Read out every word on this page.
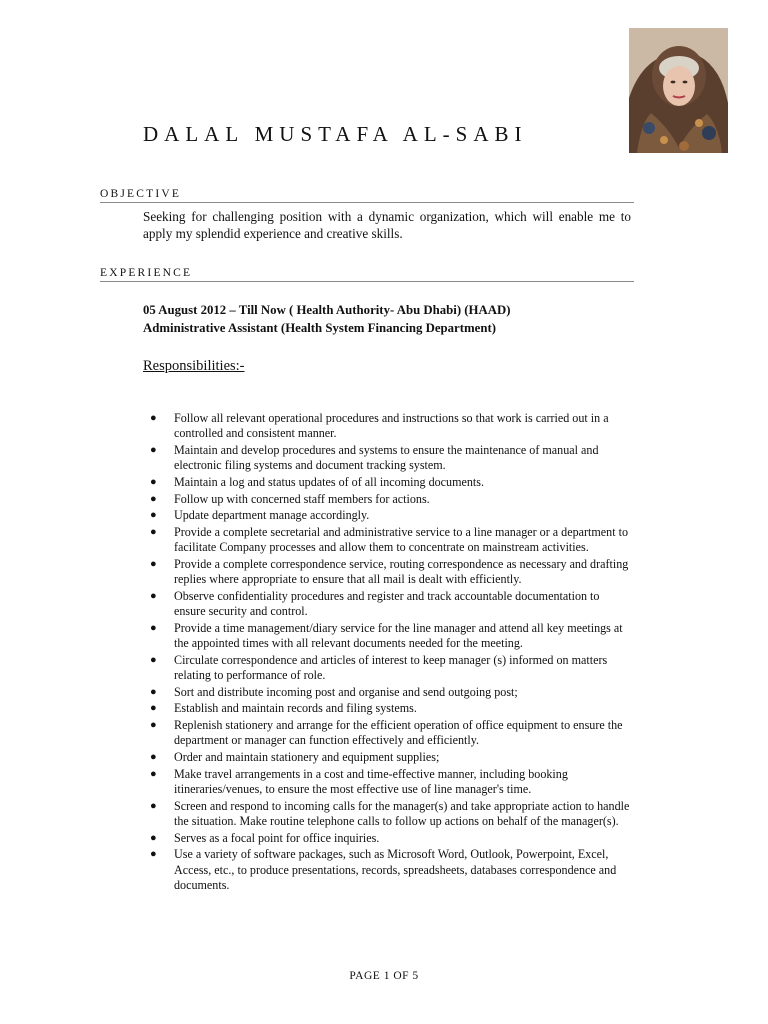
DALAL MUSTAFA AL-SABI
OBJECTIVE
Seeking for challenging position with a dynamic organization, which will enable me to apply my splendid experience and creative skills.
EXPERIENCE
05 August 2012 – Till Now ( Health Authority- Abu Dhabi) (HAAD)
Administrative Assistant (Health System Financing Department)
Responsibilities:-
● Follow all relevant operational procedures and instructions so that work is carried out in a controlled and consistent manner.
● Maintain and develop procedures and systems to ensure the maintenance of manual and electronic filing systems and document tracking system.
● Maintain a log and status updates of of all incoming documents.
● Follow up with concerned staff members for actions.
● Update department manage accordingly.
● Provide a complete secretarial and administrative service to a line manager or a department to facilitate Company processes and allow them to concentrate on mainstream activities.
● Provide a complete correspondence service, routing correspondence as necessary and drafting replies where appropriate to ensure that all mail is dealt with efficiently.
● Observe confidentiality procedures and register and track accountable documentation to ensure security and control.
● Provide a time management/diary service for the line manager and attend all key meetings at the appointed times with all relevant documents needed for the meeting.
● Circulate correspondence and articles of interest to keep manager (s) informed on matters relating to performance of role.
● Sort and distribute incoming post and organise and send outgoing post;
● Establish and maintain records and filing systems.
● Replenish stationery and arrange for the efficient operation of office equipment to ensure the department or manager can function effectively and efficiently.
● Order and maintain stationery and equipment supplies;
● Make travel arrangements in a cost and time-effective manner, including booking itineraries/venues, to ensure the most effective use of line manager's time.
● Screen and respond to incoming calls for the manager(s) and take appropriate action to handle the situation. Make routine telephone calls to follow up actions on behalf of the manager(s).
● Serves as a focal point for office inquiries.
● Use a variety of software packages, such as Microsoft Word, Outlook, Powerpoint, Excel, Access, etc., to produce presentations, records, spreadsheets, databases correspondence and documents.
PAGE 1 OF 5
